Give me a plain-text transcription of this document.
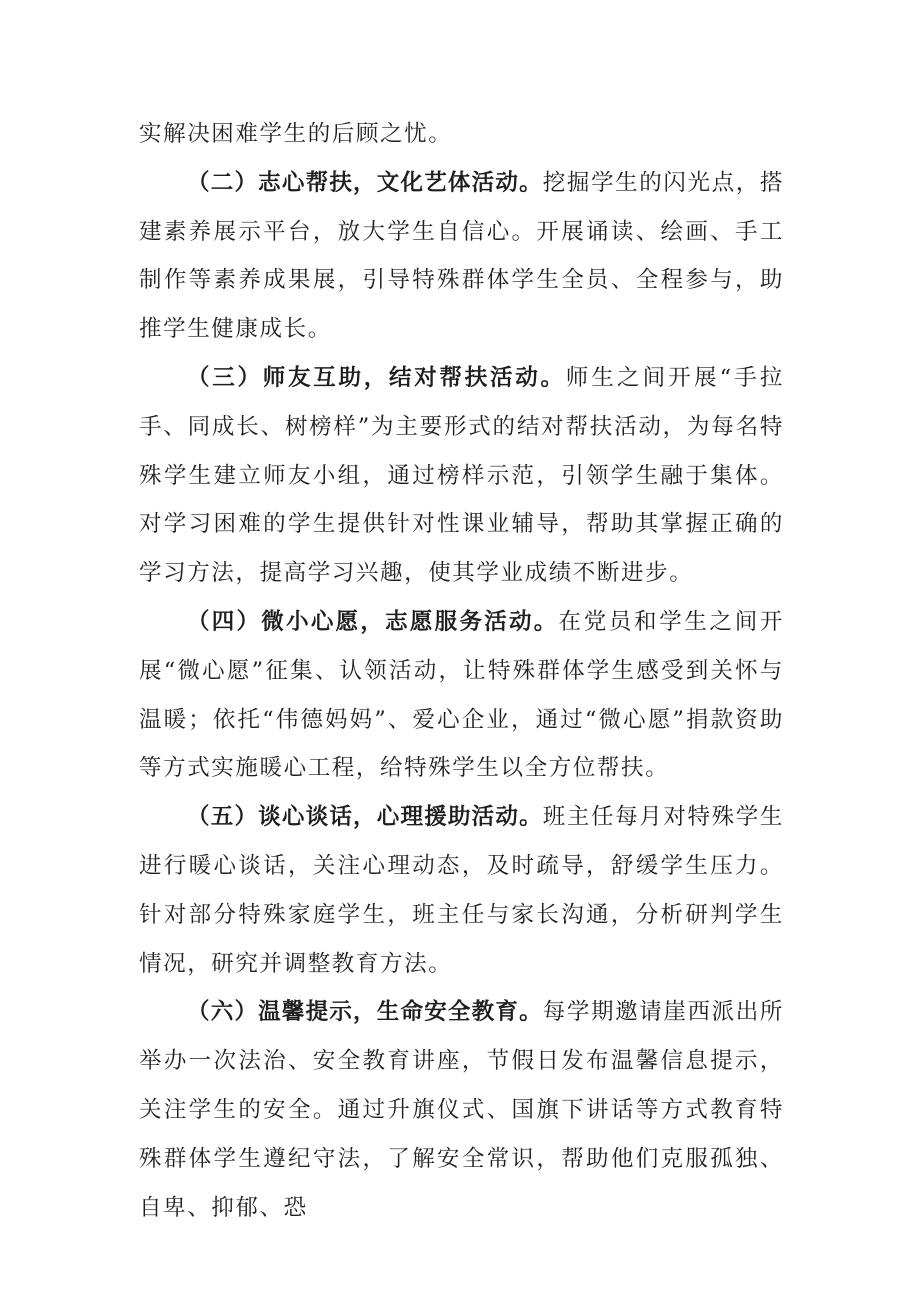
实解决困难学生的后顾之忧。

（二）志心帮扶，文化艺体活动。挖掘学生的闪光点，搭建素养展示平台，放大学生自信心。开展诵读、绘画、手工制作等素养成果展，引导特殊群体学生全员、全程参与，助推学生健康成长。

（三）师友互助，结对帮扶活动。师生之间开展“手拉手、同成长、树榜样”为主要形式的结对帮扶活动，为每名特殊学生建立师友小组，通过榜样示范，引领学生融于集体。对学习困难的学生提供针对性课业辅导，帮助其掌握正确的学习方法，提高学习兴趣，使其学业成绩不断进步。

（四）微小心愿，志愿服务活动。在党员和学生之间开展“微心愿”征集、认领活动，让特殊群体学生感受到关怀与温暖；依托“伟德妈妈”、爱心企业，通过“微心愿”捐款资助等方式实施暖心工程，给特殊学生以全方位帮扶。

（五）谈心谈话，心理援助活动。班主任每月对特殊学生进行暖心谈话，关注心理动态，及时疏导，舒缓学生压力。针对部分特殊家庭学生，班主任与家长沟通，分析研判学生情况，研究并调整教育方法。

（六）温馨提示，生命安全教育。每学期邀请崖西派出所举办一次法治、安全教育讲座，节假日发布温馨信息提示，关注学生的安全。通过升旗仪式、国旗下讲话等方式教育特殊群体学生遵纪守法，了解安全常识，帮助他们克服孤独、自卑、抑郁、恐
